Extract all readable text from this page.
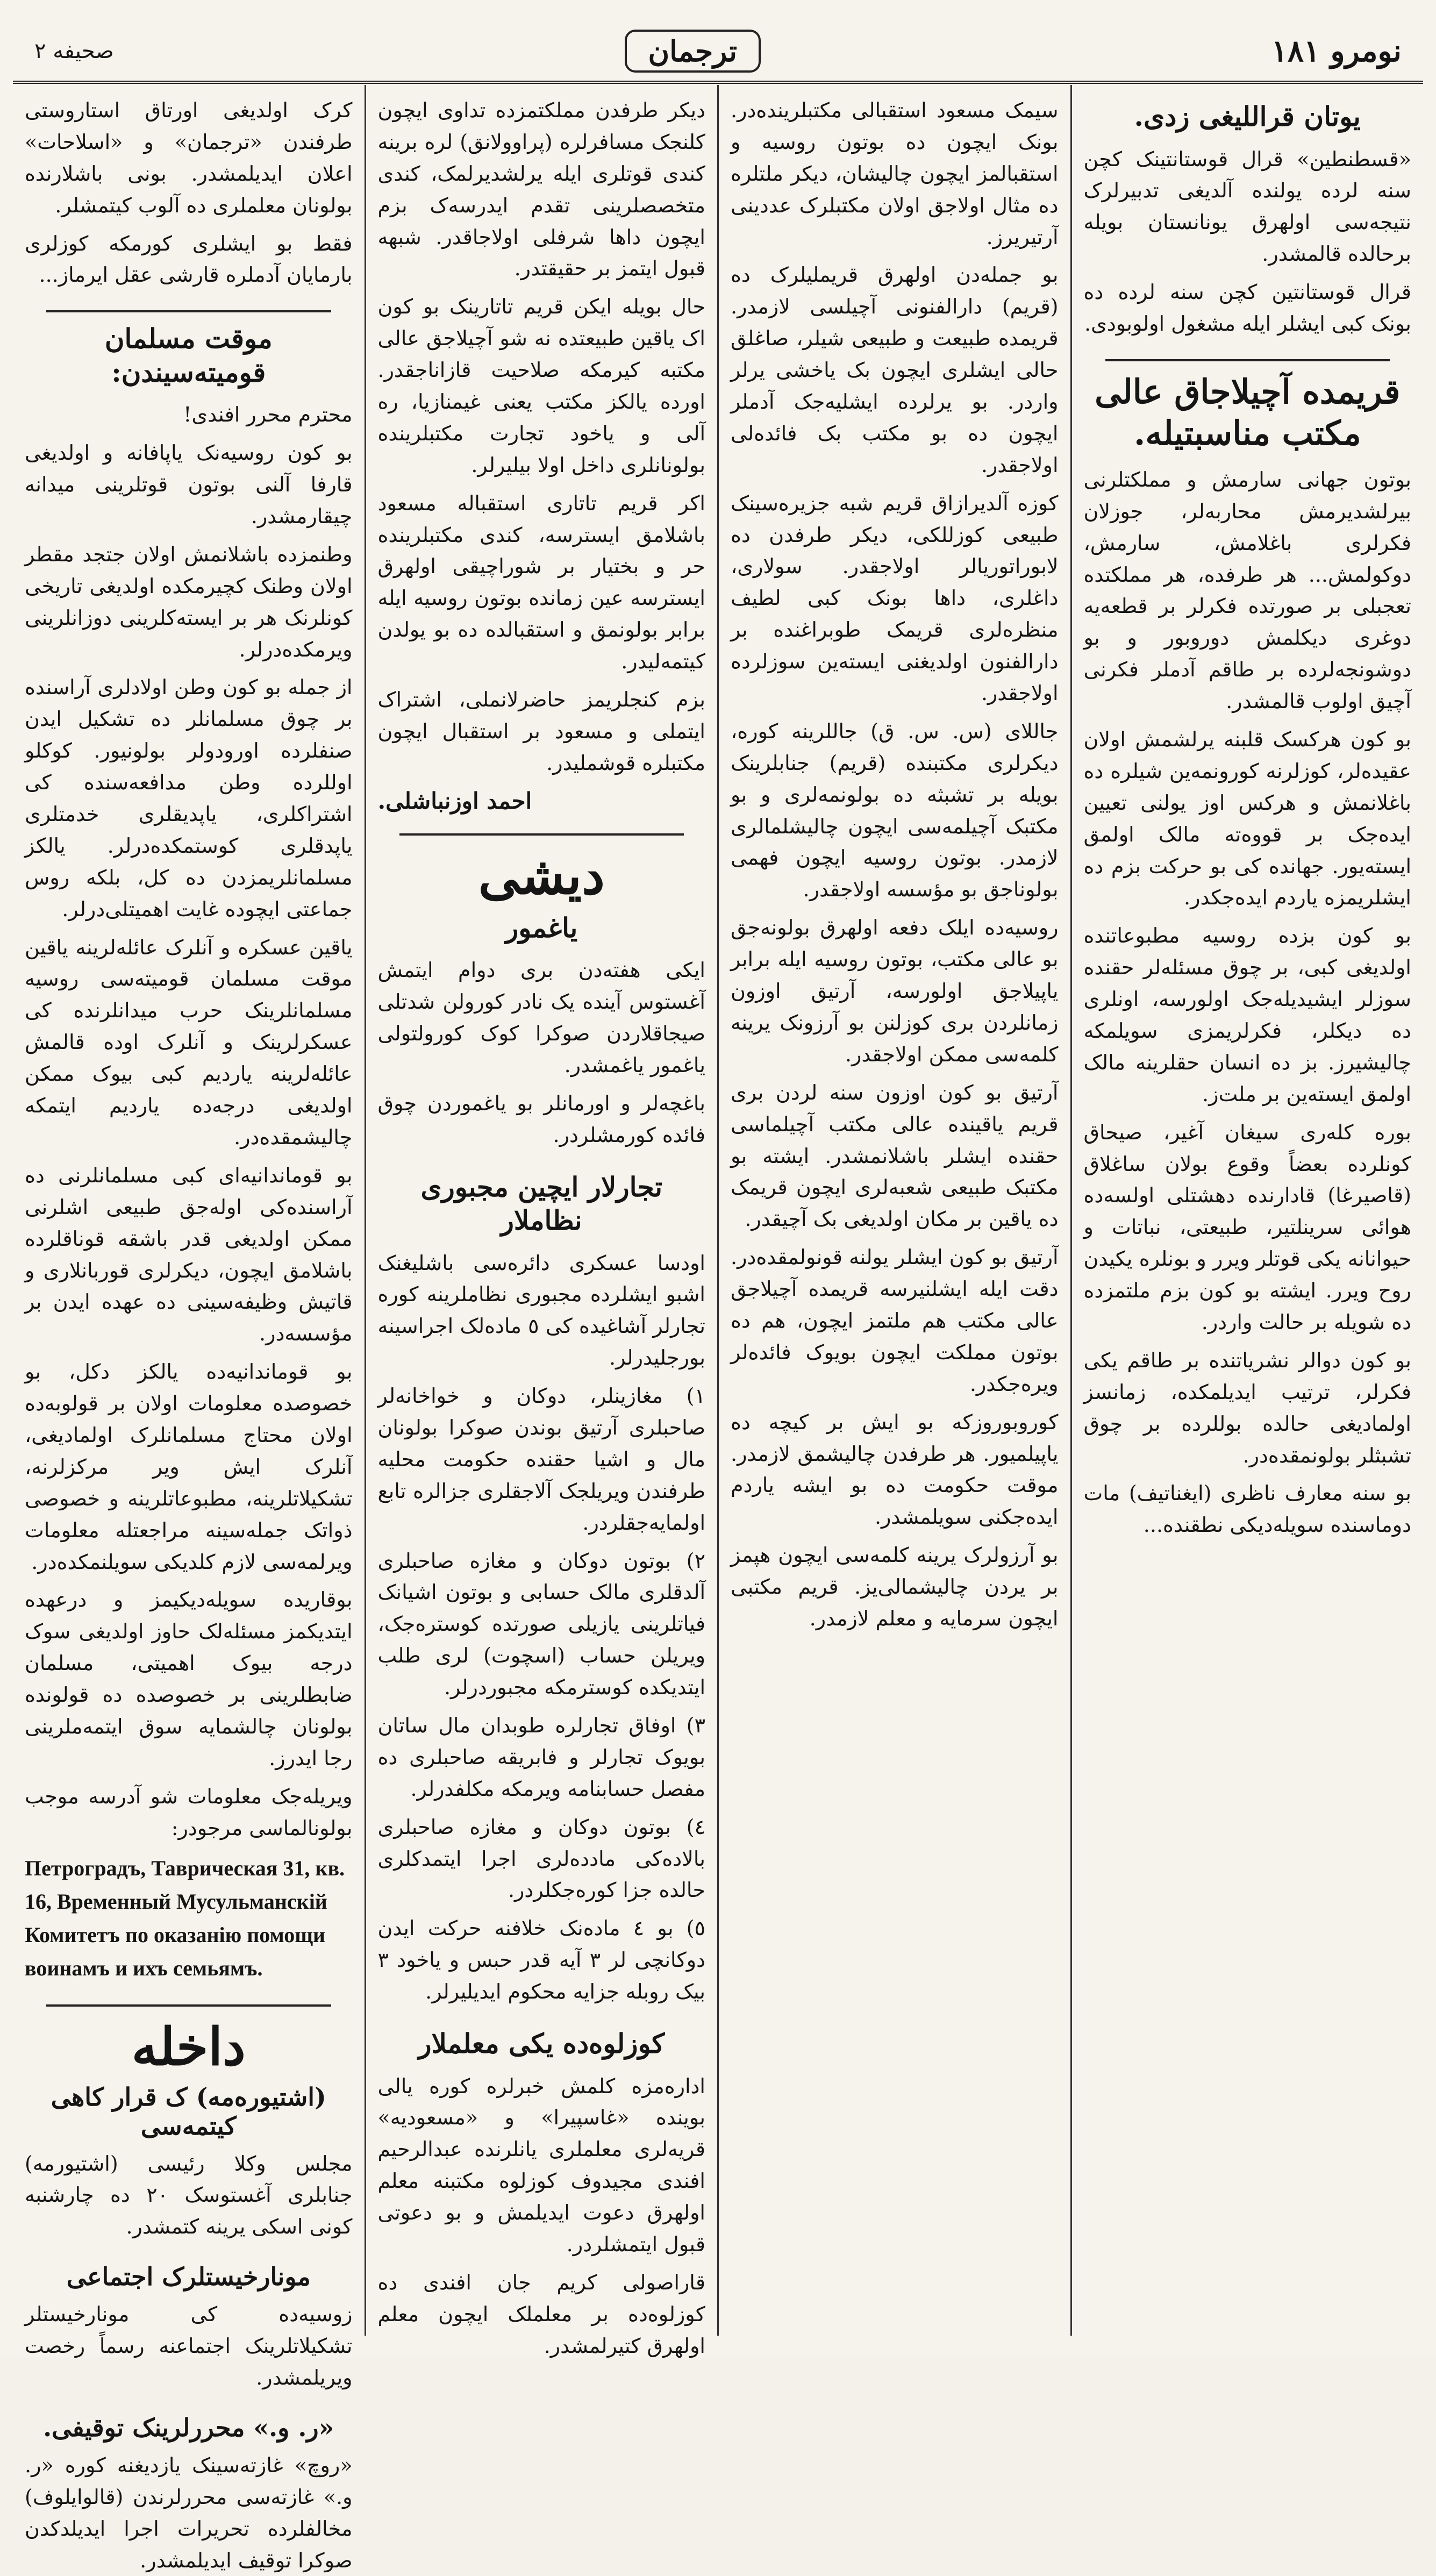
نومرو ١٨١
ترجمان
صحیفه ۲
یوتان قراللیغی زدی.

«قسطنطین» قرال قوستانتینک کچن سنه لرده یولنده آلدیغی تدبیرلرک نتیجه‌سی اولهرق یونانستان بویله برحالده قالمشدر.

قرال قوستانتین کچن سنه لرده ده بونک کبی ایشلر ایله مشغول اولوبودی.

قریمده آچیلاجاق عالی مکتب مناسبتیله.

بوتون جهانی سارمش و مملکتلرنی بیرلشدیرمش محاربه‌لر، جوزلان فکرلری باغلامش، سارمش، دوکولمش... هر طرفده، هر مملکتده تعجبلی بر صورتده فکرلر بر قطعه‌یه دوغری دیکلمش دوروبور و بو دوشونجه‌لرده بر طاقم آدملر فکرنی آچیق اولوب قالمشدر.

بو کون هرکسک قلبنه یرلشمش اولان عقیده‌لر، کوزلرنه کورونمه‌ین شیلره ده باغلانمش و هرکس اوز یولنی تعیین ایده‌جک بر قووه‌ته مالک اولمق ایسته‌یور. جهانده کی بو حرکت بزم ده ایشلریمزه یاردم ایده‌جکدر.

بو کون بزده روسیه مطبوعاتنده اولدیغی کبی، بر چوق مسئله‌لر حقنده سوزلر ایشیدیله‌جک اولورسه، اونلری ده دیکلر، فکرلریمزی سویلمکه چالیشیرز. بز ده انسان حقلرینه مالک اولمق ایسته‌ین بر ملت‌ز.

بوره کله‌ری سیغان آغیر، صیحاق کونلرده بعضاً وقوع بولان ساغلاق (قاصیرغا) قادارنده دهشتلی اولسه‌ده هوائی سرینلتیر، طبیعتی، نباتات و حیوانانه یکی قوتلر ویرر و بونلره یکیدن روح ویرر. ایشته بو کون بزم ملتمزده ده شویله بر حالت واردر.

بو کون دوالر نشریاتنده بر طاقم یکی فکرلر، ترتیب ایدیلمکده، زمانسز اولمادیغی حالده بوللرده بر چوق تشبثلر بولونمقده‌در.

بو سنه معارف ناظری (ایغناتیف) مات دوماسنده سویله‌دیکی نطقنده...

سیمک مسعود استقبالی مکتبلرینده‌در. بونک ایچون ده بوتون روسیه و استقبالمز ایچون چالیشان، دیکر ملتلره ده مثال اولاجق اولان مکتبلرک عددینی آرتیریرز.

بو جمله‌دن اولهرق قریملیلرک ده (قریم) دارالفنونی آچیلسی لازمدر. قریمده طبیعت و طبیعی شیلر، صاغلق حالی ایشلری ایچون بک یاخشی یرلر واردر. بو یرلرده ایشلیه‌جک آدملر ایچون ده بو مکتب بک فائده‌لی اولاجقدر.

کوزه آلدیرازاق قریم شبه جزیره‌سینک طبیعی کوزللکی، دیکر طرفدن ده لابوراتوریالر اولاجقدر. سولاری، داغلری، داها بونک کبی لطیف منظره‌لری قریمک طوبراغنده بر دارالفنون اولدیغنی ایسته‌ین سوزلرده اولاجقدر.

جاللای (س. س. ق) جاللرینه کوره، دیکرلری مکتبنده (قریم) جنابلرینک بویله بر تشبثه ده بولونمه‌لری و بو مکتبک آچیلمه‌سی ایچون چالیشلمالری لازمدر. بوتون روسیه ایچون فهمی بولوناجق بو مؤسسه اولاجقدر.

روسیه‌ده ایلک دفعه اولهرق بولونه‌جق بو عالی مکتب، بوتون روسیه ایله برابر یاپیلاجق اولورسه، آرتیق اوزون زمانلردن بری کوزلنن بو آرزونک یرینه کلمه‌سی ممکن اولاجقدر.

آرتیق بو کون اوزون سنه لردن بری قریم یاقینده عالی مکتب آچیلماسی حقنده ایشلر باشلانمشدر. ایشته بو مکتبک طبیعی شعبه‌لری ایچون قریمک ده یاقین بر مکان اولدیغی بک آچیقدر.

آرتیق بو کون ایشلر یولنه قونولمقده‌در. دقت ایله ایشلنیرسه قریمده آچیلاجق عالی مکتب هم ملتمز ایچون، هم ده بوتون مملکت ایچون بویوک فائده‌لر ویره‌جکدر.

کوروبوروزکه بو ایش بر کیچه ده یاپیلمیور. هر طرفدن چالیشمق لازمدر. موقت حکومت ده بو ایشه یاردم ایده‌جکنی سویلمشدر.

بو آرزولرک یرینه کلمه‌سی ایچون هپمز بر یردن چالیشمالی‌یز. قریم مکتبی ایچون سرمایه و معلم لازمدر.

دیکر طرفدن مملکتمزده تداوی ایچون کلنجک مسافرلره (پراوولانق) لره برینه کندی قوتلری ایله یرلشدیرلمک، کندی متخصصلرینی تقدم ایدرسه‌ک بزم ایچون داها شرفلی اولاجاقدر. شبهه قبول ایتمز بر حقیقتدر.

حال بویله ایکن قریم تاتارینک بو کون اک یاقین طبیعتده نه شو آچیلاجق عالی مکتبه کیرمکه صلاحیت قازاناجقدر. اورده یالکز مکتب یعنی غیمنازیا، ره آلی و یاخود تجارت مکتبلرینده بولونانلری داخل اولا بیلیرلر.

اکر قریم تاتاری استقباله مسعود باشلامق ایسترسه، کندی مکتبلرینده حر و بختیار بر شوراچیقی اولهرق ایسترسه عین زمانده بوتون روسیه ایله برابر بولونمق و استقبالده ده بو یولدن کیتمه‌لیدر.

بزم کنجلریمز حاضرلانملی، اشتراک ایتملی و مسعود بر استقبال ایچون مکتبلره قوشملیدر.

احمد اوزنباشلی.
دیشی
یاغمور

ایکی هفته‌دن بری دوام ایتمش آغستوس آینده یک نادر کورولن شدتلی صیجاقلاردن صوکرا کوک کورولتولی یاغمور یاغمشدر.

باغچه‌لر و اورمانلر بو یاغموردن چوق فائده کورمشلردر.

تجارلار ایچین مجبوری نظاملار

اودسا عسکری دائره‌سی باشلیغنک اشبو ایشلرده مجبوری نظاملرینه کوره تجارلر آشاغیده کی ٥ ماده‌لک اجراسینه بورجلیدرلر.

١) مغازینلر، دوکان و خواخانه‌لر صاحبلری آرتیق بوندن صوکرا بولونان مال و اشیا حقنده حکومت محلیه طرفندن ویریلجک آلاجقلری جزالره تابع اولمایه‌جقلردر.

٢) بوتون دوکان و مغازه صاحبلری آلدقلری مالک حسابی و بوتون اشیانک فیاتلرینی یازیلی صورتده کوستره‌جک، ویریلن حساب (اسچوت) لری طلب ایتدیکده کوسترمکه مجبوردرلر.

٣) اوفاق تجارلره طوبدان مال ساتان بویوک تجارلر و فابریقه صاحبلری ده مفصل حسابنامه ویرمکه مکلفدرلر.

٤) بوتون دوکان و مغازه صاحبلری بالاده‌کی مادده‌لری اجرا ایتمدکلری حالده جزا کوره‌جکلردر.

٥) بو ٤ ماده‌نک خلافنه حرکت ایدن دوکانچی لر ٣ آیه قدر حبس و یاخود ٣ بیک روبله جزایه محکوم ایدیلیرلر.

کوزلوه‌ده یکی معلملار

اداره‌مزه کلمش خبرلره کوره یالی بوینده «غاسپیرا» و «مسعودیه» قریه‌لری معلملری یانلرنده عبدالرحیم افندی مجیدوف کوزلوه مکتبنه معلم اولهرق دعوت ایدیلمش و بو دعوتی قبول ایتمشلردر.

قاراصولی کریم جان افندی ده کوزلوه‌ده بر معلملک ایچون معلم اولهرق کتیرلمشدر.

کرک اولدیغی اورتاق استاروستی طرفندن «ترجمان» و «اسلاحات» اعلان ایدیلمشدر. بونی باشلارنده بولونان معلملری ده آلوب کیتمشلر.

فقط بو ایشلری کورمکه کوزلری بارمایان آدملره قارشی عقل ایرماز...

موقت مسلمان قومیته‌سیندن:

محترم محرر افندی!

بو کون روسیه‌نک یاپافانه و اولدیغی قارفا آلنی بوتون قوتلرینی میدانه چیقارمشدر.

وطنمزده باشلانمش اولان جتجد مقطر اولان وطنک کچیرمکده اولدیغی تاریخی کونلرنک هر بر ایسته‌کلرینی دوزانلرینی ویرمکده‌درلر.

از جمله بو کون وطن اولادلری آراسنده بر چوق مسلمانلر ده تشکیل ایدن صنفلرده اورودولر بولونیور. کوکلو اوللرده وطن مدافعه‌سنده کی اشتراکلری، یاپدیقلری خدمتلری یاپدقلری کوستمکده‌درلر. یالکز مسلمانلریمزدن ده کل، بلکه روس جماعتی ایچوده غایت اهمیتلی‌درلر.

یاقین عسکره و آنلرک عائله‌لرینه یاقین موقت مسلمان قومیته‌سی روسیه مسلمانلرینک حرب میدانلرنده کی عسکرلرینک و آنلرک اوده قالمش عائله‌لرینه یاردیم کبی بیوک ممکن اولدیغی درجه‌ده یاردیم ایتمکه چالیشمقده‌در.

بو قوماندانیه‌ای کبی مسلمانلرنی ده آراسنده‌کی اوله‌جق طبیعی اشلرنی ممکن اولدیغی قدر باشقه قوناقلرده باشلامق ایچون، دیکرلری قوربانلاری و قاتیش وظیفه‌سینی ده عهده ایدن بر مؤسسه‌در.

بو قوماندانیه‌ده یالکز دکل، بو خصوصده معلومات اولان بر قولوبه‌ده اولان محتاج مسلمانلرک اولمادیغی، آنلرک ایش ویر مرکزلرنه، تشکیلاتلرینه، مطبوعاتلرینه و خصوصی ذواتک جمله‌سینه مراجعتله معلومات ویرلمه‌سی لازم کلدیکی سویلنمکده‌در.

بوقاریده سویله‌دیکیمز و درعهده ایتدیکمز مسئله‌لک حاوز اولدیغی سوک درجه بیوک اهمیتی، مسلمان ضابطلرینی بر خصوصده ده قولونده بولونان چالشمایه سوق ایتمه‌ملرینی رجا ایدرز.

ویریله‌جک معلومات شو آدرسه موجب بولونالماسی مرجودر:

Петроградъ, Таврическая 31, кв. 16, Временный Мусульманскій Комитетъ по оказанію помощи воинамъ и ихъ семьямъ.

داخله
(اشتیوره‌مه) ک قرار کاهی کیتمه‌سی

مجلس وکلا رئیسی (اشتیورمه) جنابلری آغستوسک ۲۰ ده چارشنبه کونی اسکی یرینه کتمشدر.

مونارخیستلرک اجتماعی

زوسیه‌ده کی مونارخیستلر تشکیلاتلرینک اجتماعنه رسماً رخصت ویریلمشدر.

«ر. و.» محررلرینک توقیفی.

«روچ» غازته‌سینک یازدیغنه کوره «ر. و.» غازته‌سی محررلرندن (قالوایلوف) مخالفلرده تحریرات اجرا ایدیلدکدن صوکرا توقیف ایدیلمشدر.
